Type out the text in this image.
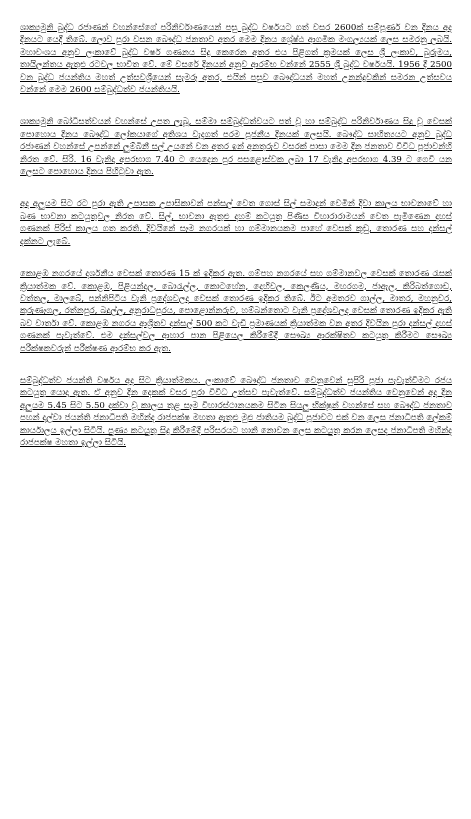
ශාක්‍යමුනි බුද්ධ රජාණන් වහන්සේගේ පරිනිර්වාණයෙන් පසු බුද්ධ වර්ෂයට ගත් වසර 2600ක් සම්පූර්ණ වන දිනය අද දිනයට යෙදී තිබේ. ලොව පුරා වසන බෞද්ධ ජනතාව අතර මෙම දිනය ශ්‍රේෂ්ඨ ආගමික මංගල්‍යයක් ලෙස සමරනු ලබයි. මහාවංශය අනුව ලංකාවේ බුද්ධ වර්ෂ ගණනය සිදු කෙරෙන අතර එය පිළිගත් ක්‍රමයක් ලෙස ශ්‍රී ලංකාව, බුරුමය, තායිලන්තය ඇතුළු රටවල භාවිත වේ. මේ වසරේ දිනයන් අනුව ආරම්භ වන්නේ 2555 ශ්‍රී බුද්ධ වර්ෂයයි. 1956 දී 2500 වන බුද්ධ ජයන්තිය මහත් උත්සවශ්‍රීයෙන් සැමරූ අතර, එයින් පසුව බෞද්ධයන් මහත් උනන්දුවකින් සමරන උත්සවය වන්නේ මෙම 2600 සම්බුද්ධත්ව ජයන්තියයි.

ශාක්‍යමුනි බෝධිසත්වයන් වහන්සේ උපත ලැබූ, සම්මා සම්බුද්ධත්වයට පත් වූ හා සම්බුද්ධ පරිනිර්වාණය සිදු වූ වෙසක් පොහොය දිනය බෞද්ධ ලෝකයාගේ අතිශය වැදගත් පරම පූජනීය දිනයක් ලෙසයි. බෞද්ධ සාහිත්‍යයට අනුව බුද්ධ රජාණන් වහන්සේ උපන්නේ ලුම්බිනී සල් උයනේ වන අතර ඉන් අනතුරුව වසරක් පාසා මෙම දින ජනතාව විවිධ පූජාවන්හි නිරත වේ. සිරි. 16 වැනිදා අපරභාග 7.40 ට යෙදෙන පුර පසළොස්වක ලබා 17 වැනිදා අපරභාග 4.39 ට ගෙවී යන ලෙසට පොහොය දිනය පිහිටුවා ඇත.

අද අලුයම සිට රට පුරා ඇති උපාසක උපාසිකාවන් පන්සල් වෙත ගොස් සිල් සමාදන් වෙමින් දිවා කාලය භාවනාවේ හා බණ භාවනා කටයුතුවල නිරත වේ. සිල්, භාවනා ඇතුළු දහම් කටයුතු පිණිස විහාරාරාමයන් වෙත පැමිණෙන දහස් ගණනක් පිරිස් කාලය ගත කරති. දිවයිනේ සෑම නගරයක් හා ගම්මානයකම පාහේ වෙසක් කූඩු, තොරණ සහ දන්සල් දක්නට ලැබේ.

කොළඹ නගරයේ දර්ශනීය වෙසක් තොරණ 15 ක් ඉදිකර ඇත. ගම්පහ නගරයේ සහ ගම්මානවල වෙසක් තොරණ රැසක් ක්‍රියාත්මක වේ. කොළඹ, පිළියන්දල, බොරැල්ල, කොටහේන, දෙහිවල, කෙලණිය, මහරගම, ජාඇල, කිරිබත්ගොඩ, වත්තල, මාලබේ, පන්නිපිටිය වැනි ප්‍රදේශවලද වෙසක් තොරණ ඉදිකර තිබේ. ඊට අමතරව ගාල්ල, මාතර, මහනුවර, කුරුණෑගල, රත්නපුර, බදුල්ල, අනුරාධපුරය, පොළොන්නරුව, හම්බන්තොට වැනි ප්‍රදේශවලද වෙසක් තොරණ ඉදිකර ඇති බව වාර්තා වේ. කොළඹ නගරය ආශ්‍රිතව දන්සල් 500 කට වැඩි ප්‍රමාණයක් ක්‍රියාත්මක වන අතර දිවයින පුරා දන්සල් දහස් ගණනක් පැවැත්වේ. එම දන්සල්වල ආහාර පාන පිළියෙල කිරීමේදී සෞඛ්‍ය ආරක්ෂිතව කටයුතු කිරීමට සෞඛ්‍ය පරීක්ෂකවරුන් පරීක්ෂණ ආරම්භ කර ඇත.

සම්බුද්ධත්ව ජයන්ති වර්ෂය අද සිට ක්‍රියාත්මකය. ලංකාවේ බෞද්ධ ජනතාව වෙනුවෙන් සුපිරි පූජා පැවැත්වීමට රජය කටයුතු යොදා ඇත. ඒ අනුව දින දෙකක් වසර පුරා විවිධ උත්සව පැවැත්වේ. සම්බුද්ධත්ව ජයන්තිය වෙනුවෙන් අද දින අලුයම 5.45 සිට 5.50 දක්වා වූ කාලය තුළ සෑම විහාරස්ථානයකම සිටින සියලු භික්ෂූන් වහන්සේ සහ බෞද්ධ ජනතාව පහන් දල්වා ජයන්ති ජනාධිපති මහින්ද රාජපක්ෂ මහතා ඇතුළු මුළු ජාතියම බුද්ධ පූජාවට එක් වන ලෙස ජනාධිපති ලේකම් කාර්යාලය ඉල්ලා සිටියි. පුණ්‍ය කටයුතු සිදු කිරීමේදී පරිසරයට හානි නොවන ලෙස කටයුතු කරන ලෙසද ජනාධිපති මහින්ද රාජපක්ෂ මහතා ඉල්ලා සිටියි.
